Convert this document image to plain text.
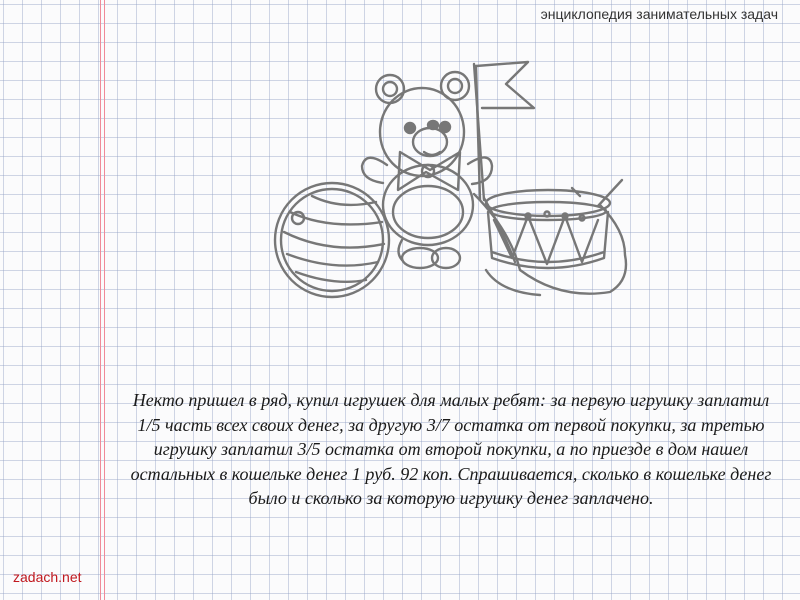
энциклопедия занимательных задач

Некто пришел в ряд, купил игрушек для малых ребят: за первую игрушку заплатил 1/5 часть всех своих денег, за другую 3/7 остатка от первой покупки, за третью игрушку заплатил 3/5 остатка от второй покупки, а по приезде в дом нашел остальных в кошельке денег 1 руб. 92 коп. Спрашивается, сколько в кошельке денег было и сколько за которую игрушку денег заплачено.

zadach.net
